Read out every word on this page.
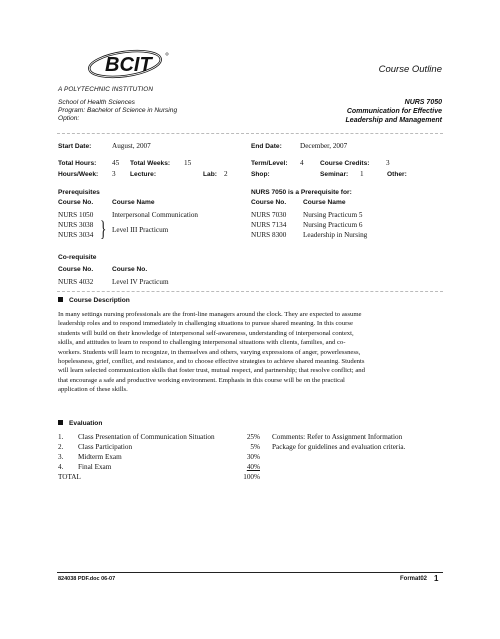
BCIT
A POLYTECHNIC INSTITUTION
Course Outline
School of Health Sciences
Program: Bachelor of Science in Nursing
Option:
NURS 7050
Communication for Effective
Leadership and Management
Start Date:	August, 2007	End Date:	December, 2007
Total Hours: 45 Total Weeks: 15	Term/Level: 4 Course Credits: 3
Hours/Week: 3 Lecture:	Lab: 2	Shop:	Seminar: 1	Other:
Prerequisites
Course No.	Course Name
NURS 1050	Interpersonal Communication
NURS 3038
NURS 3034 } Level III Practicum
NURS 7050 is a Prerequisite for:
Course No.	Course Name
NURS 7030 Nursing Practicum 5
NURS 7134 Nursing Practicum 6
NURS 8300 Leadership in Nursing
Co-requisite
Course No.	Course No.
NURS 4032	Level IV Practicum
Course Description
In many settings nursing professionals are the front-line managers around the clock. They are expected to assume
leadership roles and to respond immediately in challenging situations to pursue shared meaning. In this course
students will build on their knowledge of interpersonal self-awareness, understanding of interpersonal context,
skills, and attitudes to learn to respond to challenging interpersonal situations with clients, families, and co-
workers. Students will learn to recognize, in themselves and others, varying expressions of anger, powerlessness,
hopelessness, grief, conflict, and resistance, and to choose effective strategies to achieve shared meaning. Students
will learn selected communication skills that foster trust, mutual respect, and partnership; that resolve conflict; and
that encourage a safe and productive working environment. Emphasis in this course will be on the practical
application of these skills.
Evaluation
1. Class Presentation of Communication Situation	25%
2. Class Participation	5%
3. Midterm Exam	30%
4. Final Exam	40%
TOTAL	100%
Comments: Refer to Assignment Information
Package for guidelines and evaluation criteria.
824038 PDF.doc 06-07	Format02 1
